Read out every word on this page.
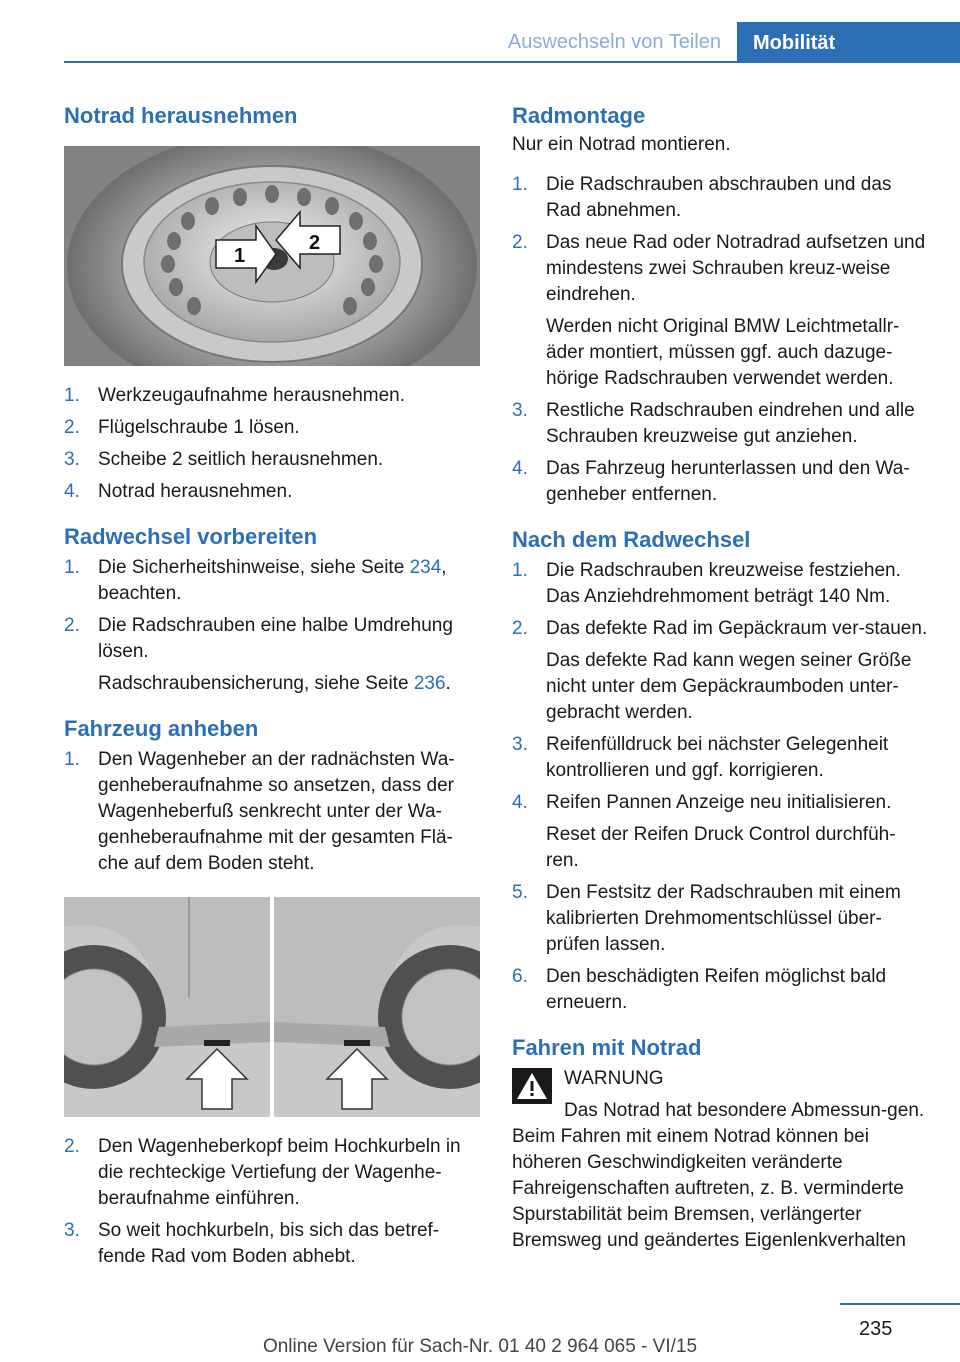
Auswechseln von Teilen	Mobilität
Notrad herausnehmen
1
2
1. Werkzeugaufnahme herausnehmen.
2. Flügelschraube 1 lösen.
3. Scheibe 2 seitlich herausnehmen.
4. Notrad herausnehmen.
Radwechsel vorbereiten
1. Die Sicherheitshinweise, siehe Seite 234, beachten.
2. Die Radschrauben eine halbe Umdrehung lösen.
Radschraubensicherung, siehe Seite 236.
Fahrzeug anheben
1. Den Wagenheber an der radnächsten Wa-genheberaufnahme so ansetzen, dass der Wagenheberfuß senkrecht unter der Wa-genheberaufnahme mit der gesamten Flä-che auf dem Boden steht.
2. Den Wagenheberkopf beim Hochkurbeln in die rechteckige Vertiefung der Wagenhe-beraufnahme einführen.
3. So weit hochkurbeln, bis sich das betref-fende Rad vom Boden abhebt.
Radmontage

Nur ein Notrad montieren.

1. Die Radschrauben abschrauben und das Rad abnehmen.
2. Das neue Rad oder Notradrad aufsetzen und mindestens zwei Schrauben kreuz-weise eindrehen.
Werden nicht Original BMW Leichtmetallr-äder montiert, müssen ggf. auch dazuge-hörige Radschrauben verwendet werden.
3. Restliche Radschrauben eindrehen und alle Schrauben kreuzweise gut anziehen.
4. Das Fahrzeug herunterlassen und den Wa-genheber entfernen.
Nach dem Radwechsel
1. Die Radschrauben kreuzweise festziehen. Das Anziehdrehmoment beträgt 140 Nm.
2. Das defekte Rad im Gepäckraum ver-stauen.
Das defekte Rad kann wegen seiner Größe nicht unter dem Gepäckraumboden unter-gebracht werden.
3. Reifenfülldruck bei nächster Gelegenheit kontrollieren und ggf. korrigieren.
4. Reifen Pannen Anzeige neu initialisieren.
Reset der Reifen Druck Control durchfüh-ren.
5. Den Festsitz der Radschrauben mit einem kalibrierten Drehmomentschlüssel über-prüfen lassen.
6. Den beschädigten Reifen möglichst bald erneuern.
Fahren mit Notrad
WARNUNG
Das Notrad hat besondere Abmessun-gen. Beim Fahren mit einem Notrad können bei höheren Geschwindigkeiten veränderte Fahreigenschaften auftreten, z. B. verminderte Spurstabilität beim Bremsen, verlängerter Bremsweg und geändertes Eigenlenkverhalten
235
Online Version für Sach-Nr. 01 40 2 964 065 - VI/15
